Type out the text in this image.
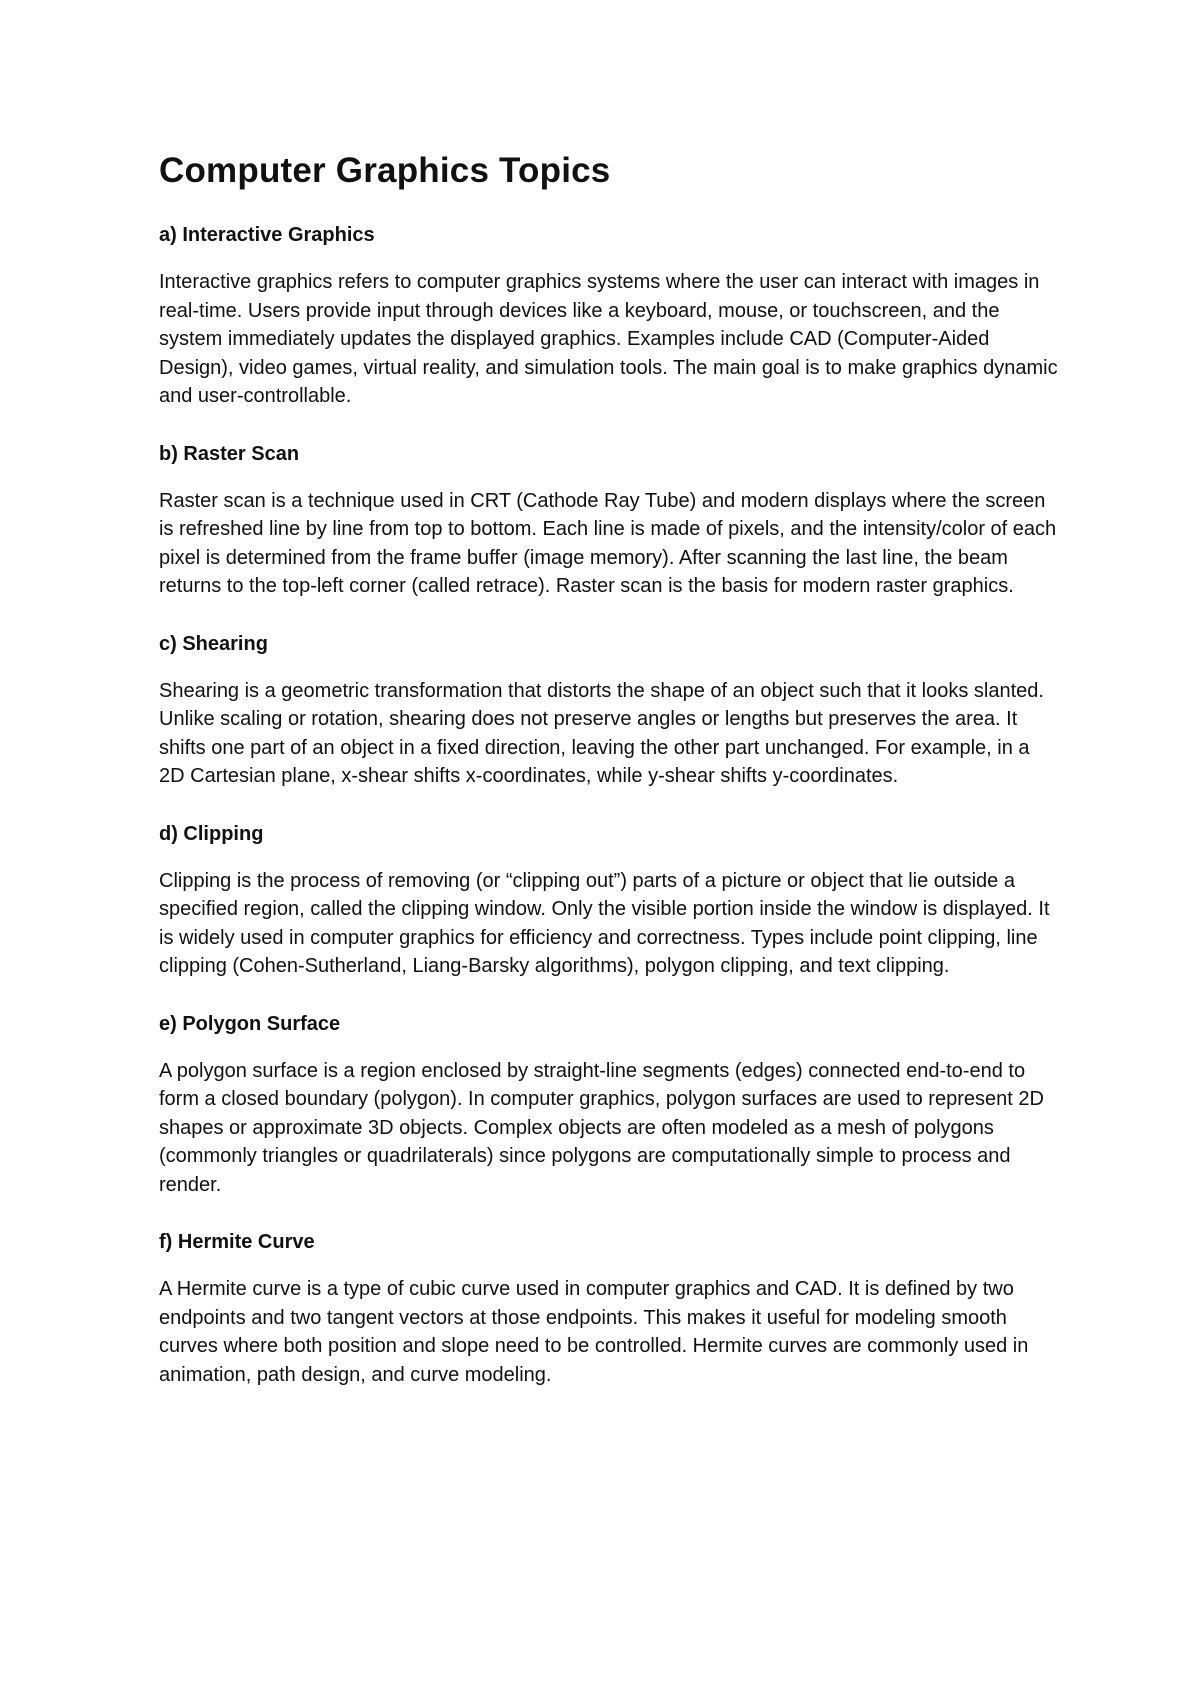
Computer Graphics Topics
a) Interactive Graphics

Interactive graphics refers to computer graphics systems where the user can interact with images in real-time. Users provide input through devices like a keyboard, mouse, or touchscreen, and the system immediately updates the displayed graphics. Examples include CAD (Computer-Aided Design), video games, virtual reality, and simulation tools. The main goal is to make graphics dynamic and user-controllable.

b) Raster Scan

Raster scan is a technique used in CRT (Cathode Ray Tube) and modern displays where the screen is refreshed line by line from top to bottom. Each line is made of pixels, and the intensity/color of each pixel is determined from the frame buffer (image memory). After scanning the last line, the beam returns to the top-left corner (called retrace). Raster scan is the basis for modern raster graphics.

c) Shearing

Shearing is a geometric transformation that distorts the shape of an object such that it looks slanted. Unlike scaling or rotation, shearing does not preserve angles or lengths but preserves the area. It shifts one part of an object in a fixed direction, leaving the other part unchanged. For example, in a 2D Cartesian plane, x-shear shifts x-coordinates, while y-shear shifts y-coordinates.

d) Clipping

Clipping is the process of removing (or “clipping out”) parts of a picture or object that lie outside a specified region, called the clipping window. Only the visible portion inside the window is displayed. It is widely used in computer graphics for efficiency and correctness. Types include point clipping, line clipping (Cohen-Sutherland, Liang-Barsky algorithms), polygon clipping, and text clipping.

e) Polygon Surface

A polygon surface is a region enclosed by straight-line segments (edges) connected end-to-end to form a closed boundary (polygon). In computer graphics, polygon surfaces are used to represent 2D shapes or approximate 3D objects. Complex objects are often modeled as a mesh of polygons (commonly triangles or quadrilaterals) since polygons are computationally simple to process and render.

f) Hermite Curve

A Hermite curve is a type of cubic curve used in computer graphics and CAD. It is defined by two endpoints and two tangent vectors at those endpoints. This makes it useful for modeling smooth curves where both position and slope need to be controlled. Hermite curves are commonly used in animation, path design, and curve modeling.
